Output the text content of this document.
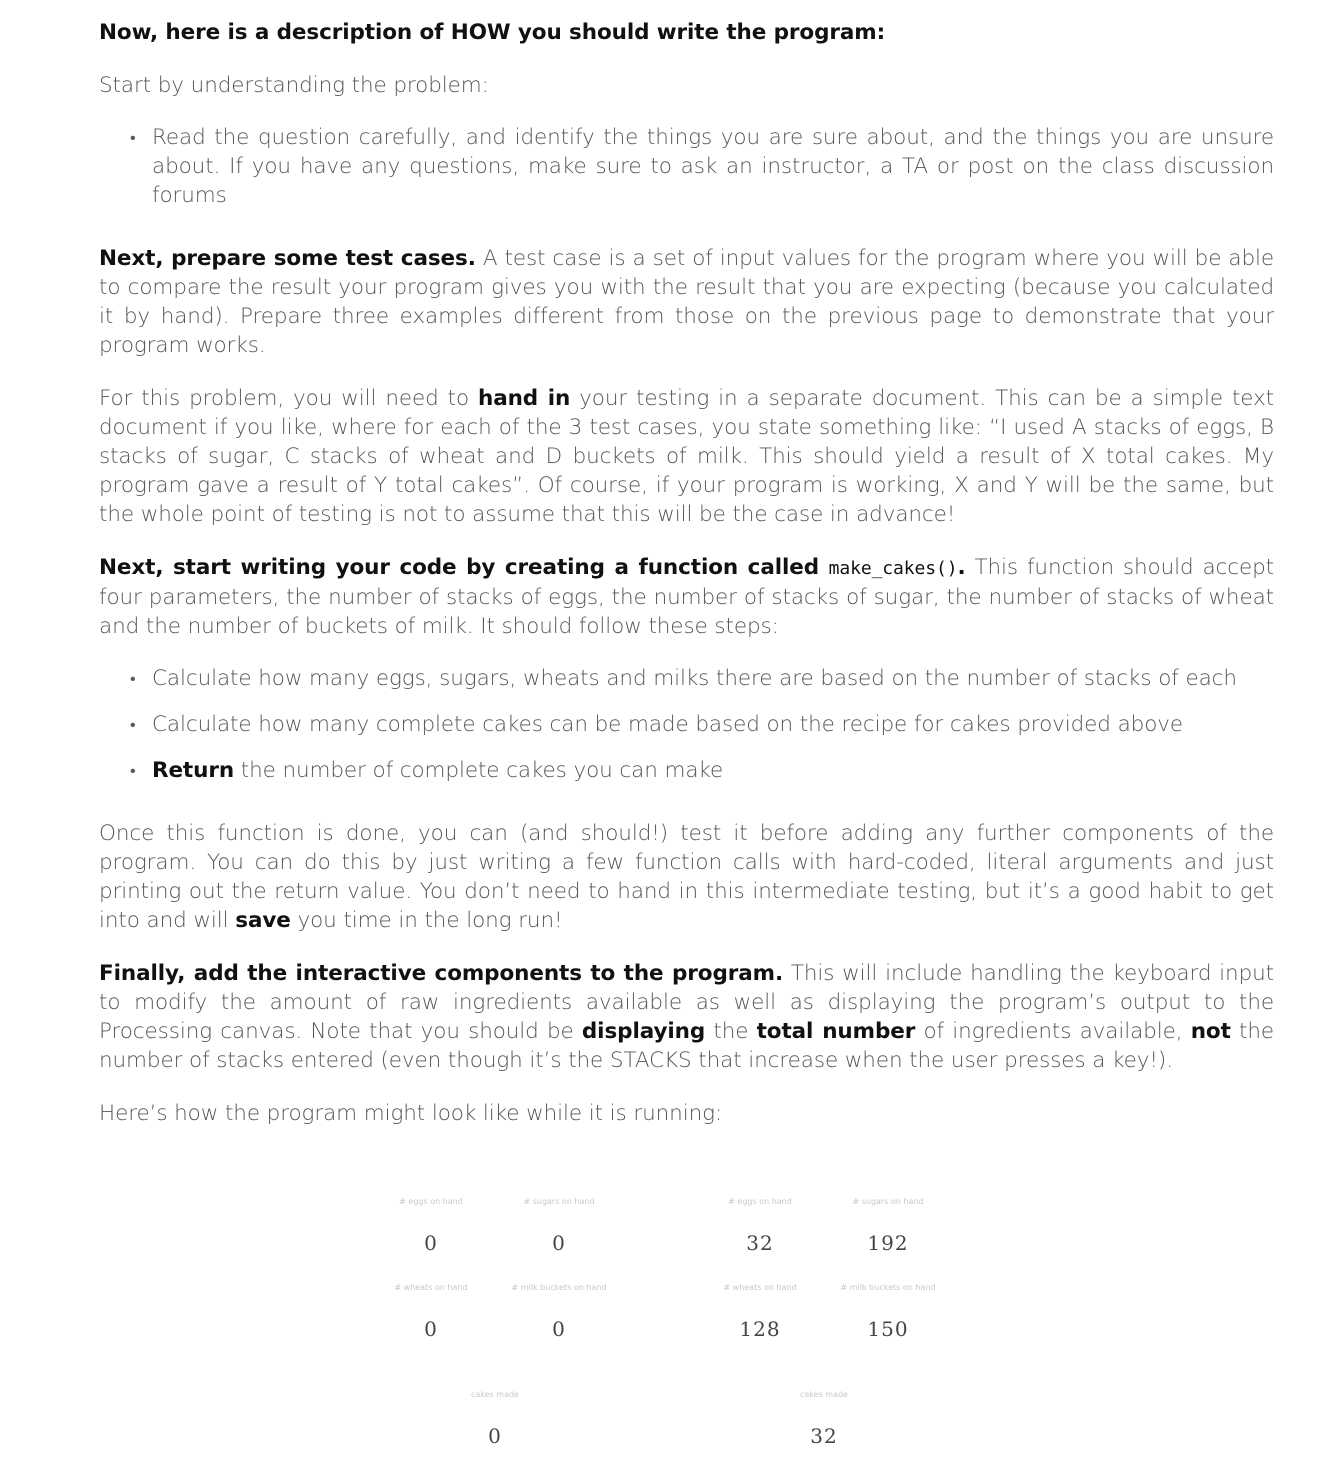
Now, here is a description of HOW you should write the program:

Start by understanding the problem:

• Read the question carefully, and identify the things you are sure about, and the things you are unsure about. If you have any questions, make sure to ask an instructor, a TA or post on the class discussion forums

Next, prepare some test cases. A test case is a set of input values for the program where you will be able to compare the result your program gives you with the result that you are expecting (because you calculated it by hand). Prepare three examples different from those on the previous page to demonstrate that your program works.

For this problem, you will need to hand in your testing in a separate document. This can be a simple text document if you like, where for each of the 3 test cases, you state something like: “I used A stacks of eggs, B stacks of sugar, C stacks of wheat and D buckets of milk. This should yield a result of X total cakes. My program gave a result of Y total cakes”. Of course, if your program is working, X and Y will be the same, but the whole point of testing is not to assume that this will be the case in advance!

Next, start writing your code by creating a function called make_cakes(). This function should accept four parameters, the number of stacks of eggs, the number of stacks of sugar, the number of stacks of wheat and the number of buckets of milk. It should follow these steps:

• Calculate how many eggs, sugars, wheats and milks there are based on the number of stacks of each
• Calculate how many complete cakes can be made based on the recipe for cakes provided above
• Return the number of complete cakes you can make

Once this function is done, you can (and should!) test it before adding any further components of the program. You can do this by just writing a few function calls with hard-coded, literal arguments and just printing out the return value. You don’t need to hand in this intermediate testing, but it’s a good habit to get into and will save you time in the long run!

Finally, add the interactive components to the program. This will include handling the keyboard input to modify the amount of raw ingredients available as well as displaying the program’s output to the Processing canvas. Note that you should be displaying the total number of ingredients available, not the number of stacks entered (even though it’s the STACKS that increase when the user presses a key!).

Here’s how the program might look like while it is running:

# eggs on hand
0
# sugars on hand
0
# wheats on hand
0
# milk buckets on hand
0
cakes made
0
# eggs on hand
32
# sugars on hand
192
# wheats on hand
128
# milk buckets on hand
150
cakes made
32
